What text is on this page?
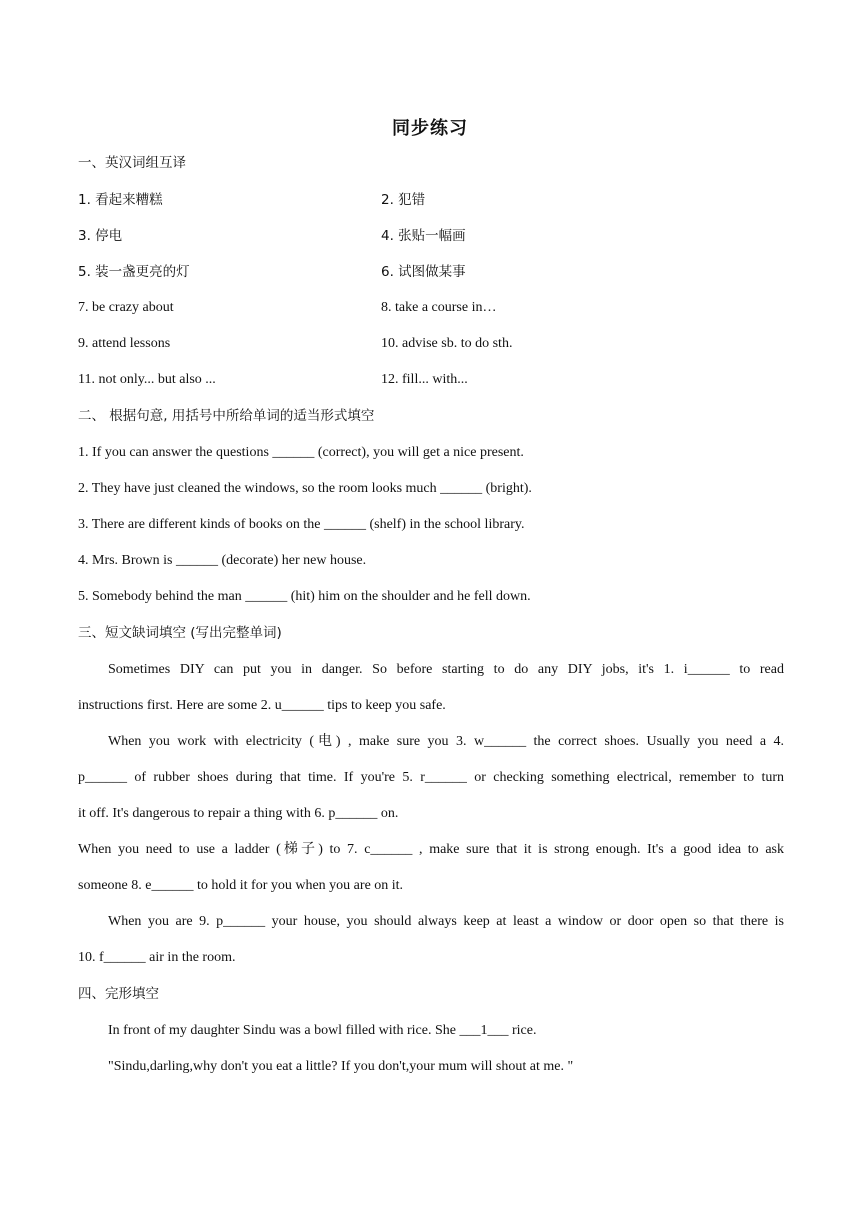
同步练习
一、英汉词组互译
1. 看起来糟糕	2. 犯错
3. 停电	4. 张贴一幅画
5. 装一盏更亮的灯	6. 试图做某事
7. be crazy about	8. take a course in…
9. attend lessons	10. advise sb. to do sth.
11. not only... but also ...	12. fill... with...
二、 根据句意, 用括号中所给单词的适当形式填空
1. If you can answer the questions ______ (correct), you will get a nice present.
2. They have just cleaned the windows, so the room looks much ______ (bright).
3. There are different kinds of books on the ______ (shelf) in the school library.
4. Mrs. Brown is ______ (decorate) her new house.
5. Somebody behind the man ______ (hit) him on the shoulder and he fell down.
三、短文缺词填空 (写出完整单词)
Sometimes DIY can put you in danger. So before starting to do any DIY jobs, it's 1. i______ to read
instructions first. Here are some 2. u______ tips to keep you safe.
When you work with electricity (电) , make sure you 3. w______ the correct shoes. Usually you need a 4.
p______ of rubber shoes during that time. If you're 5. r______ or checking something electrical, remember to turn
it off. It's dangerous to repair a thing with 6. p______ on.
When you need to use a ladder (梯子) to 7. c______ , make sure that it is strong enough. It's a good idea to ask
someone 8. e______ to hold it for you when you are on it.
When you are 9. p______ your house, you should always keep at least a window or door open so that there is
10. f______ air in the room.
四、完形填空
In front of my daughter Sindu was a bowl filled with rice. She ___1___ rice.
"Sindu,darling,why don't you eat a little? If you don't,your mum will shout at me. "
